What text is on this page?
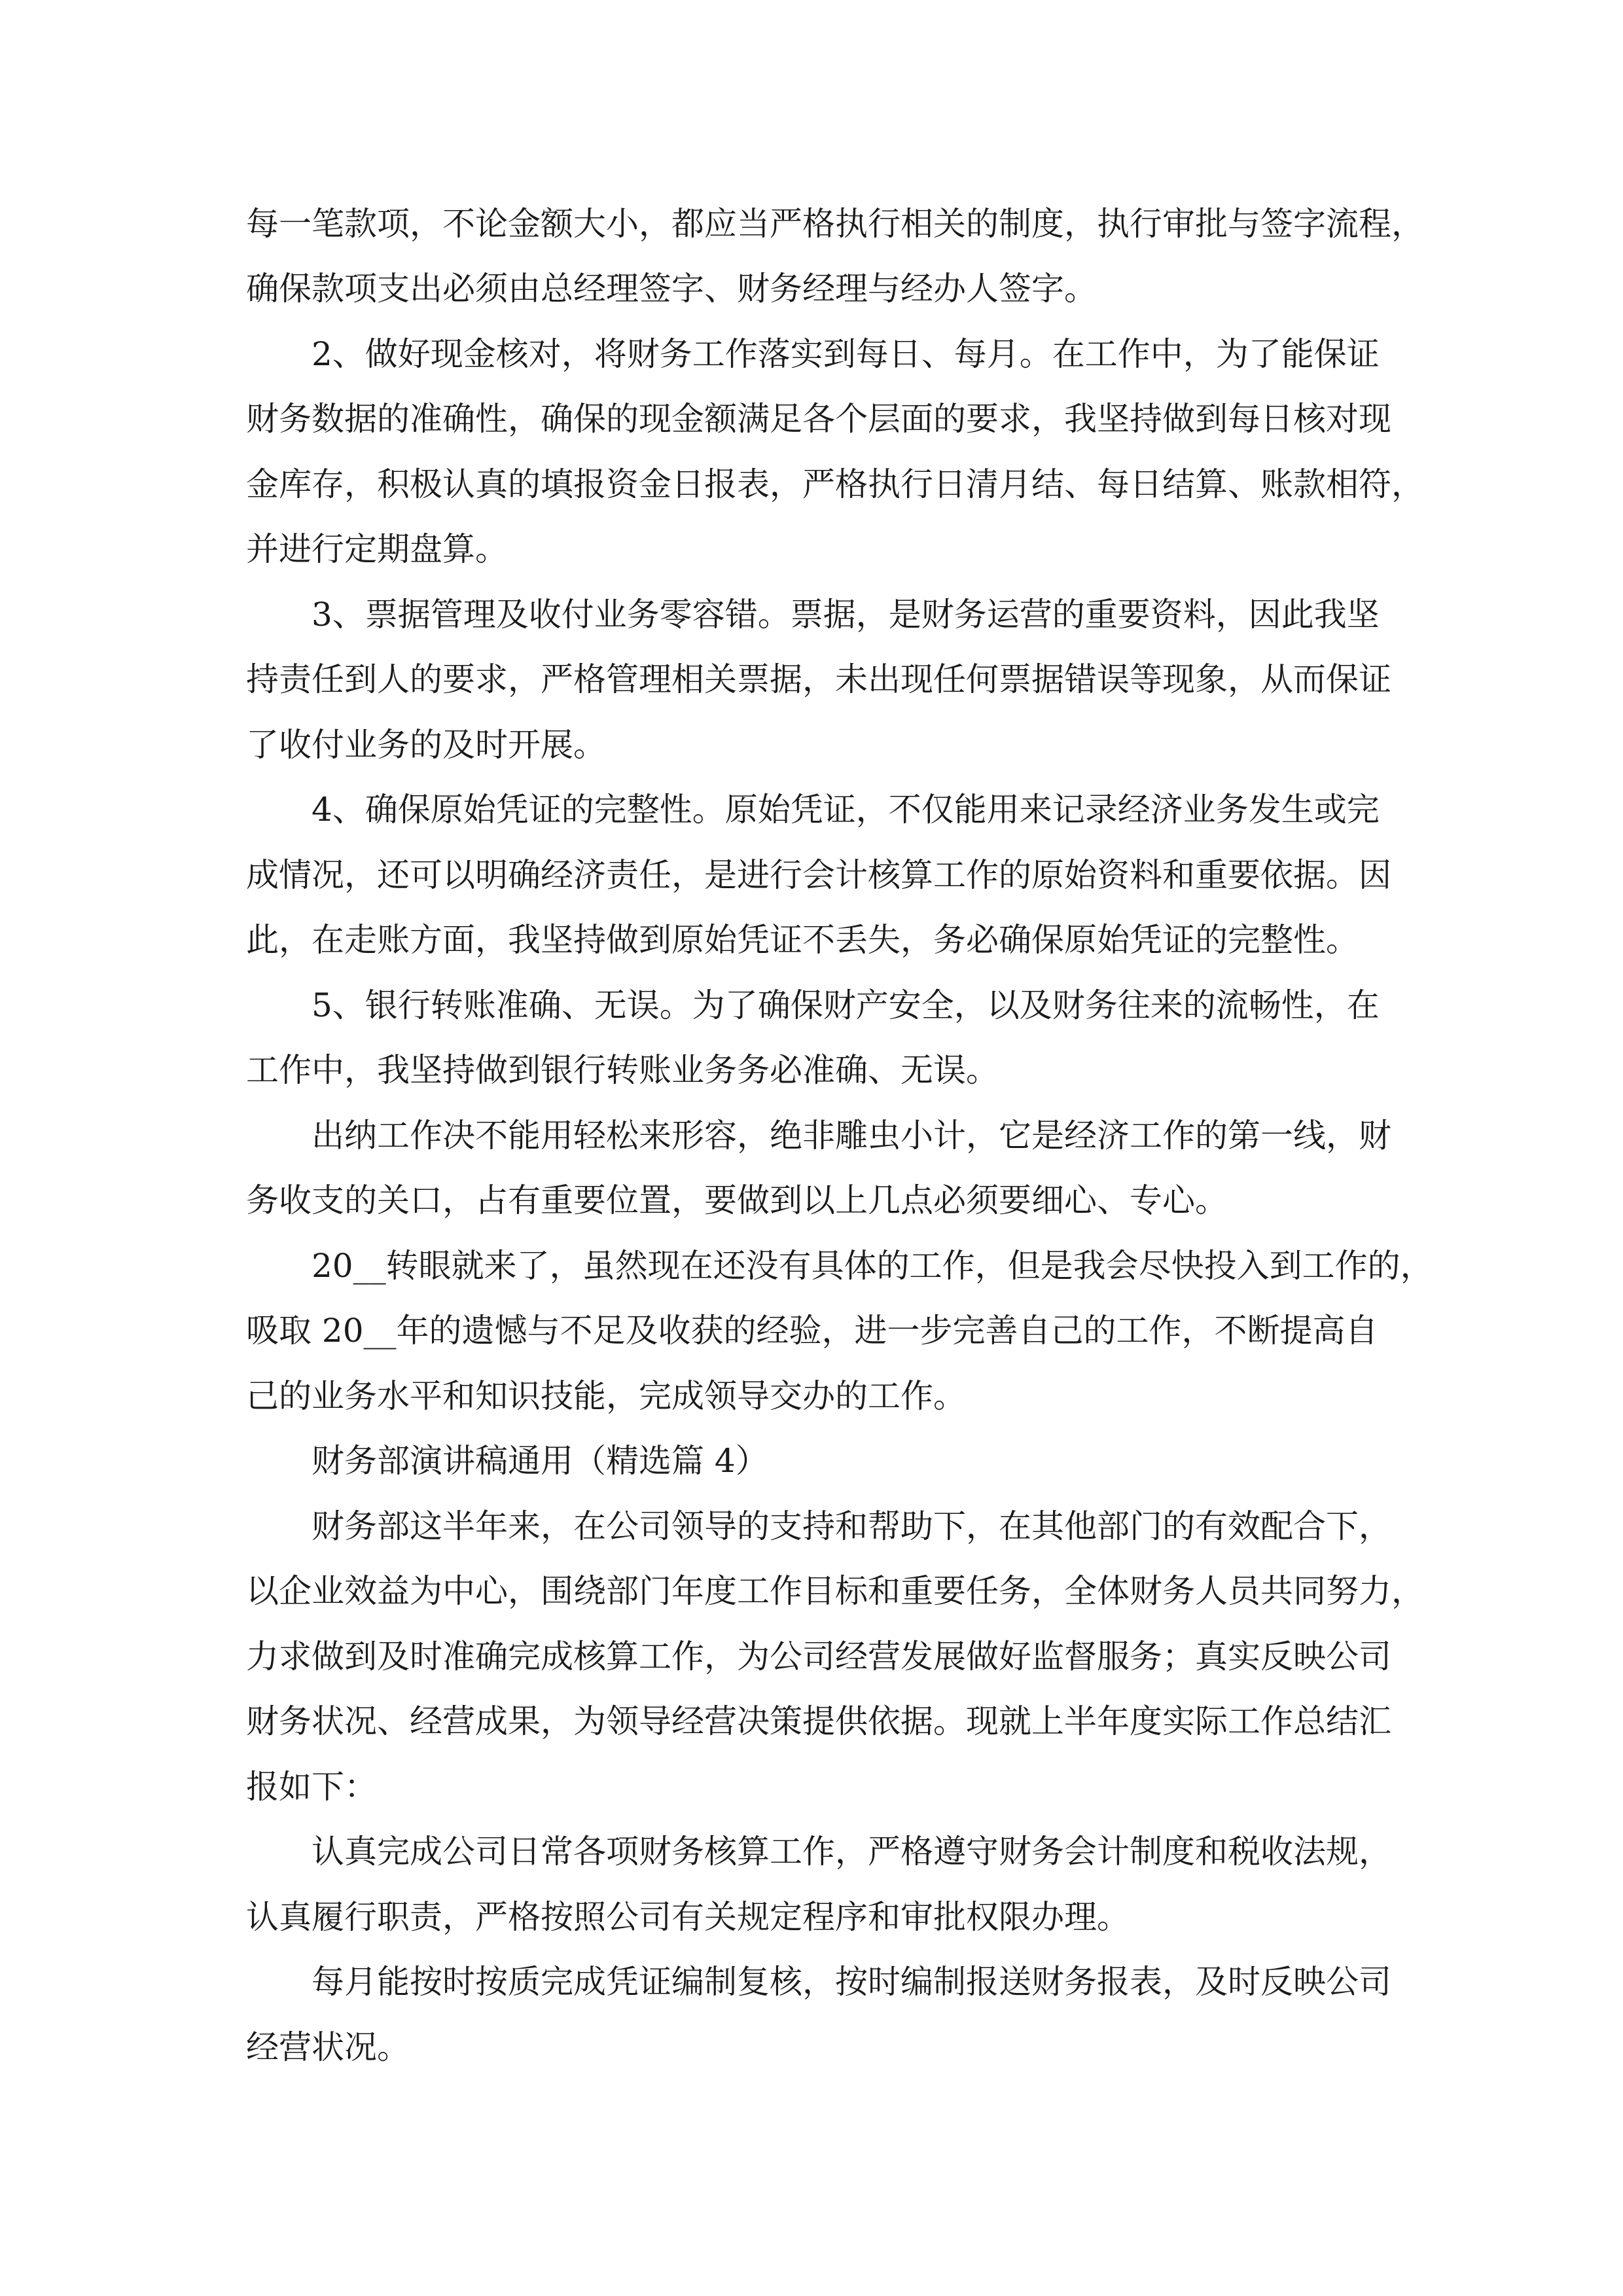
每一笔款项，不论金额大小，都应当严格执行相关的制度，执行审批与签字流程，
确保款项支出必须由总经理签字、财务经理与经办人签字。
2、做好现金核对，将财务工作落实到每日、每月。在工作中，为了能保证
财务数据的准确性，确保的现金额满足各个层面的要求，我坚持做到每日核对现
金库存，积极认真的填报资金日报表，严格执行日清月结、每日结算、账款相符，
并进行定期盘算。
3、票据管理及收付业务零容错。票据，是财务运营的重要资料，因此我坚
持责任到人的要求，严格管理相关票据，未出现任何票据错误等现象，从而保证
了收付业务的及时开展。
4、确保原始凭证的完整性。原始凭证，不仅能用来记录经济业务发生或完
成情况，还可以明确经济责任，是进行会计核算工作的原始资料和重要依据。因
此，在走账方面，我坚持做到原始凭证不丢失，务必确保原始凭证的完整性。
5、银行转账准确、无误。为了确保财产安全，以及财务往来的流畅性，在
工作中，我坚持做到银行转账业务务必准确、无误。
出纳工作决不能用轻松来形容，绝非雕虫小计，它是经济工作的第一线，财
务收支的关口，占有重要位置，要做到以上几点必须要细心、专心。
20__转眼就来了，虽然现在还没有具体的工作，但是我会尽快投入到工作的，
吸取 20__年的遗憾与不足及收获的经验，进一步完善自己的工作，不断提高自
己的业务水平和知识技能，完成领导交办的工作。
财务部演讲稿通用（精选篇 4）
财务部这半年来，在公司领导的支持和帮助下，在其他部门的有效配合下，
以企业效益为中心，围绕部门年度工作目标和重要任务，全体财务人员共同努力，
力求做到及时准确完成核算工作，为公司经营发展做好监督服务；真实反映公司
财务状况、经营成果，为领导经营决策提供依据。现就上半年度实际工作总结汇
报如下：
认真完成公司日常各项财务核算工作，严格遵守财务会计制度和税收法规，
认真履行职责，严格按照公司有关规定程序和审批权限办理。
每月能按时按质完成凭证编制复核，按时编制报送财务报表，及时反映公司
经营状况。
